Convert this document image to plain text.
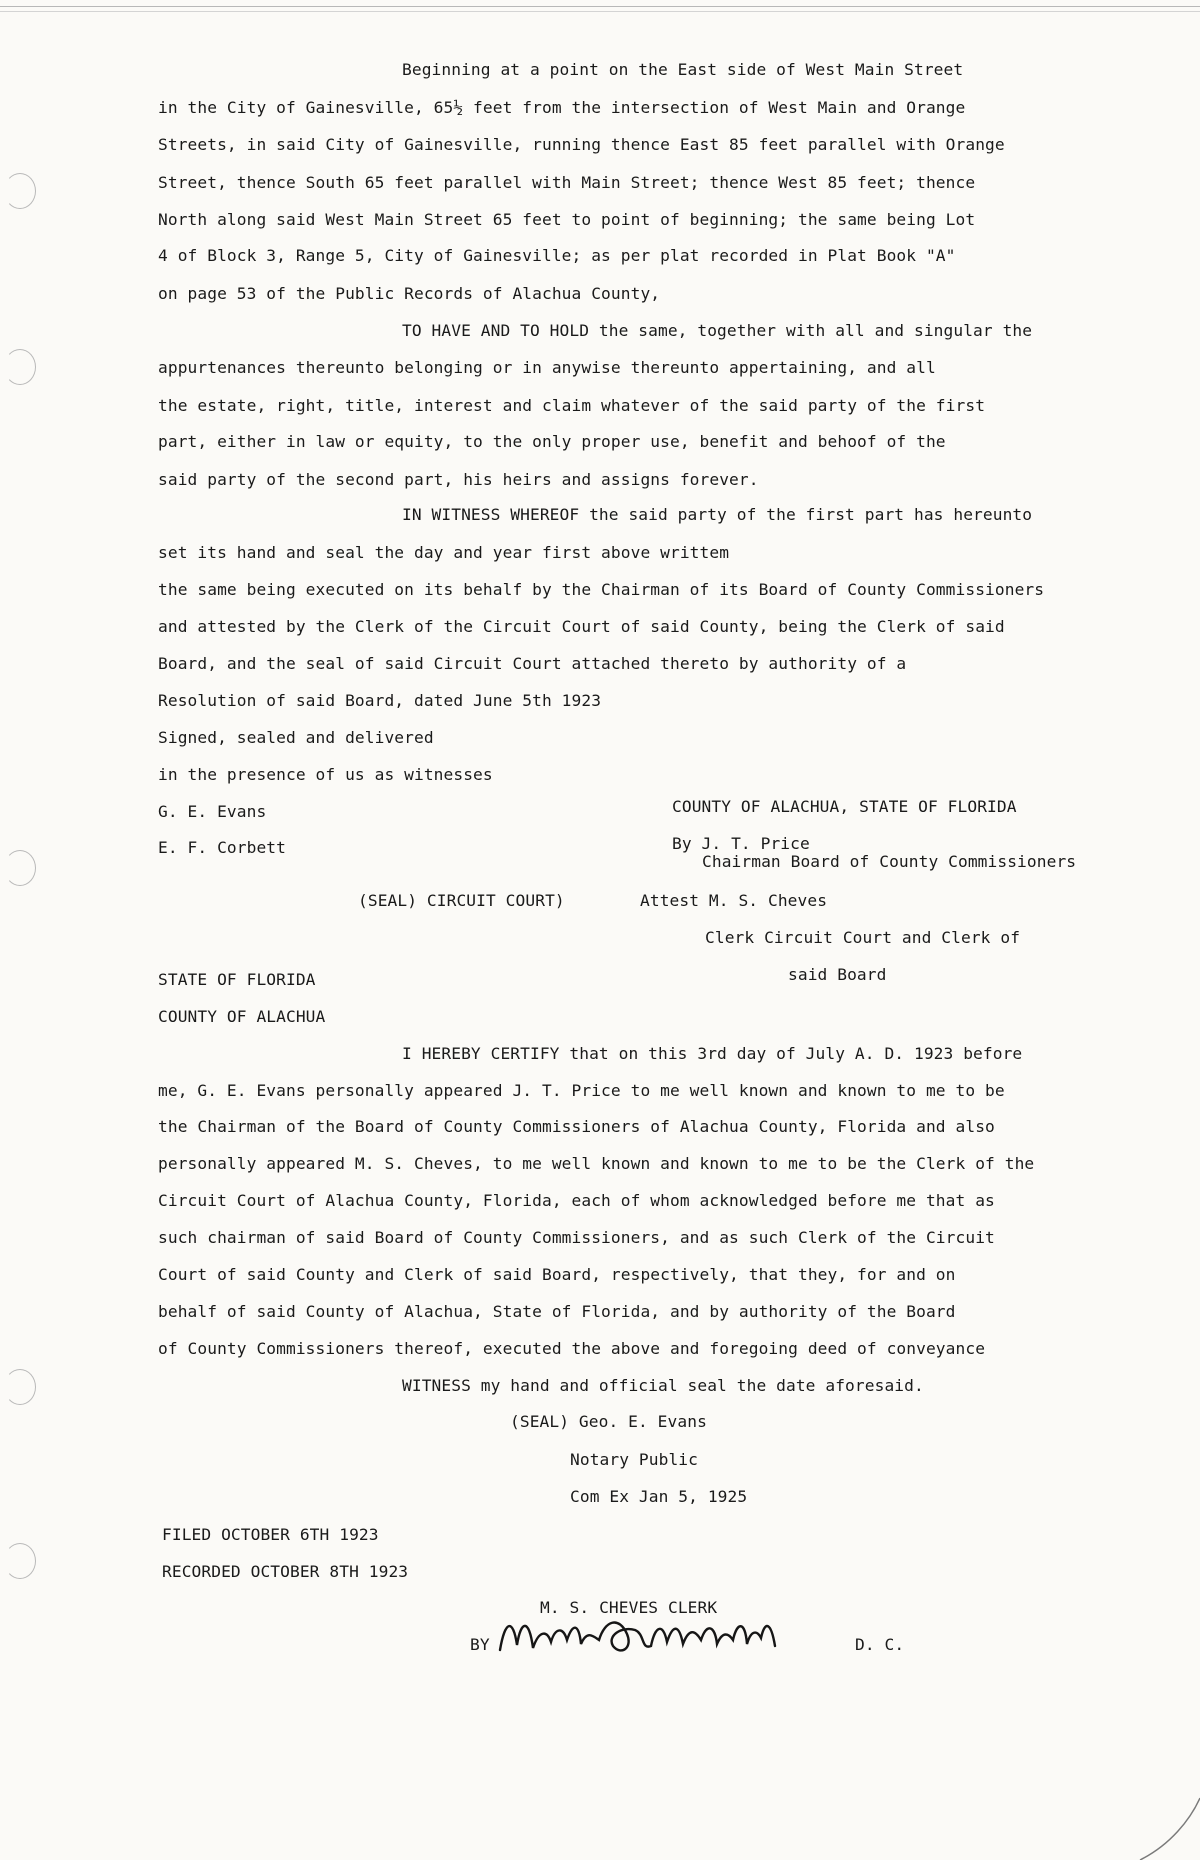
Beginning at a point on the East side of West Main Street
in the City of Gainesville, 65½ feet from the intersection of West Main and Orange
Streets, in said City of Gainesville, running thence East 85 feet parallel with Orange
Street, thence South 65 feet parallel with Main Street; thence West 85 feet; thence
North along said West Main Street 65 feet to point of beginning; the same being Lot
4 of Block 3, Range 5, City of Gainesville; as per plat recorded in Plat Book "A"
on page 53 of the Public Records of Alachua County,
TO HAVE AND TO HOLD the same, together with all and singular the
appurtenances thereunto belonging or in anywise thereunto appertaining, and all
the estate, right, title, interest and claim whatever of the said party of the first
part, either in law or equity, to the only proper use, benefit and behoof of the
said party of the second part, his heirs and assigns forever.
IN WITNESS WHEREOF the said party of the first part has hereunto
set its hand and seal the day and year first above writtem
the same being executed on its behalf by the Chairman of its Board of County Commissioners
and attested by the Clerk of the Circuit Court of said County, being the Clerk of said
Board, and the seal of said Circuit Court attached thereto by authority of a
Resolution of said Board, dated June 5th 1923
Signed, sealed and delivered
in the presence of us as witnesses
G. E. Evans
E. F. Corbett
COUNTY OF ALACHUA, STATE OF FLORIDA
By J. T. Price
Chairman Board of County Commissioners
(SEAL) CIRCUIT COURT)	Attest M. S. Cheves
Clerk Circuit Court and Clerk of
said Board
STATE OF FLORIDA
COUNTY OF ALACHUA
I HEREBY CERTIFY that on this 3rd day of July A. D. 1923 before
me, G. E. Evans personally appeared J. T. Price to me well known and known to me to be
the Chairman of the Board of County Commissioners of Alachua County, Florida and also
personally appeared M. S. Cheves, to me well known and known to me to be the Clerk of the
Circuit Court of Alachua County, Florida, each of whom acknowledged before me that as
such chairman of said Board of County Commissioners, and as such Clerk of the Circuit
Court of said County and Clerk of said Board, respectively, that they, for and on
behalf of said County of Alachua, State of Florida, and by authority of the Board
of County Commissioners thereof, executed the above and foregoing deed of conveyance
WITNESS my hand and official seal the date aforesaid.
(SEAL) Geo. E. Evans
Notary Public
Com Ex Jan 5, 1925
FILED OCTOBER 6TH 1923
RECORDED OCTOBER 8TH 1923
M. S. CHEVES CLERK
BY	D. C.
